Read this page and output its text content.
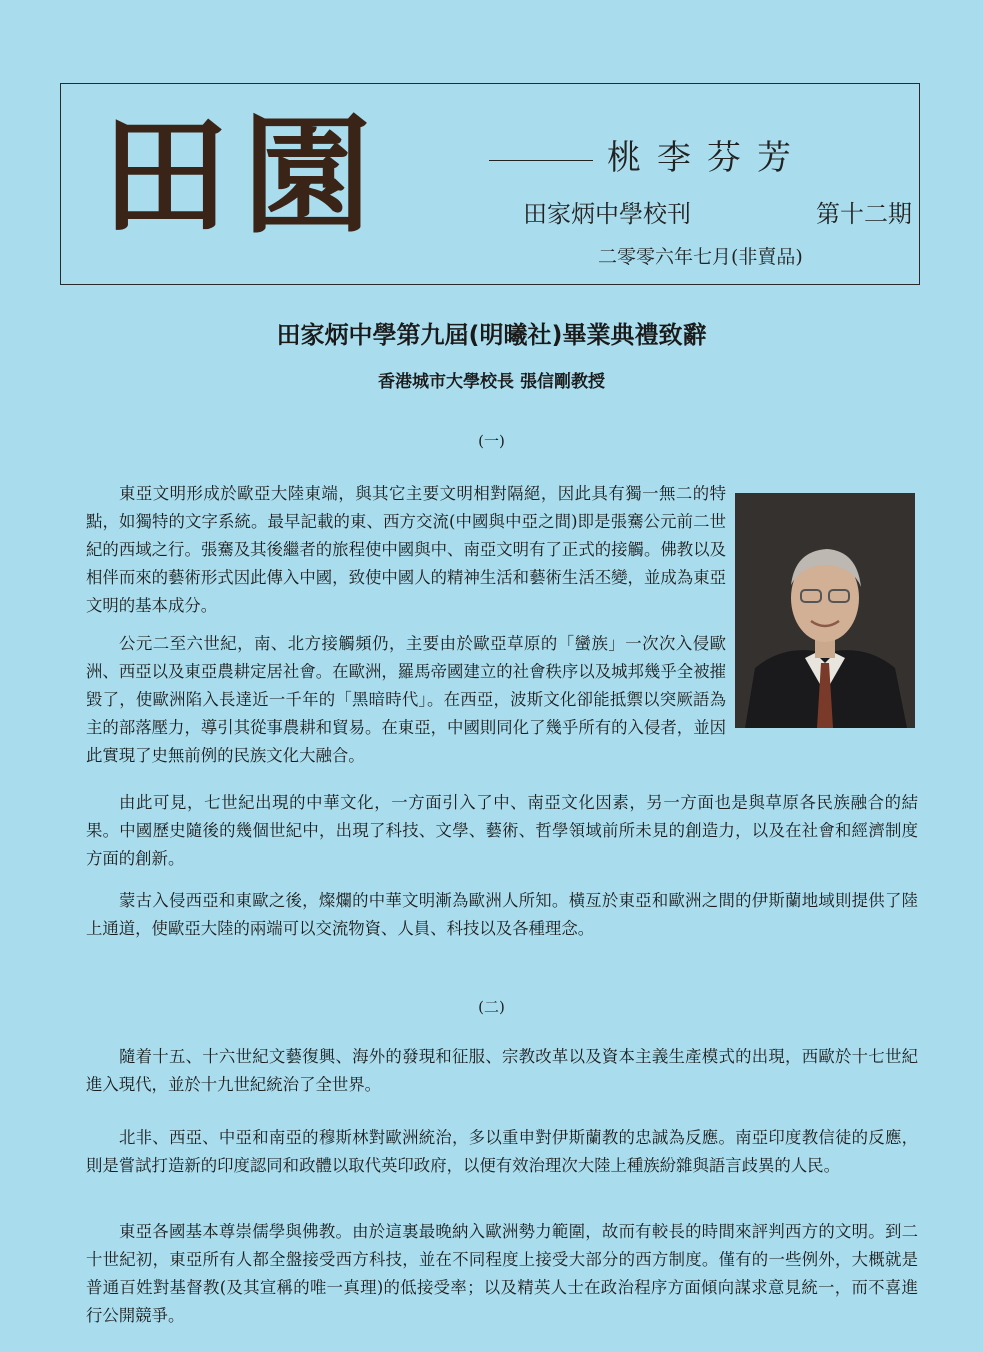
田園	桃李芬芳
田家炳中學校刊	第十二期
二零零六年七月(非賣品)
田家炳中學第九屆(明曦社)畢業典禮致辭
香港城市大學校長 張信剛教授
(一)

東亞文明形成於歐亞大陸東端，與其它主要文明相對隔絕，因此具有獨一無二的特點，如獨特的文字系統。最早記載的東、西方交流(中國與中亞之間)即是張騫公元前二世紀的西域之行。張騫及其後繼者的旅程使中國與中、南亞文明有了正式的接觸。佛教以及相伴而來的藝術形式因此傳入中國，致使中國人的精神生活和藝術生活丕變，並成為東亞文明的基本成分。

公元二至六世紀，南、北方接觸頻仍，主要由於歐亞草原的「蠻族」一次次入侵歐洲、西亞以及東亞農耕定居社會。在歐洲，羅馬帝國建立的社會秩序以及城邦幾乎全被摧毀了，使歐洲陷入長達近一千年的「黑暗時代」。在西亞，波斯文化卻能抵禦以突厥語為主的部落壓力，導引其從事農耕和貿易。在東亞，中國則同化了幾乎所有的入侵者，並因此實現了史無前例的民族文化大融合。

由此可見，七世紀出現的中華文化，一方面引入了中、南亞文化因素，另一方面也是與草原各民族融合的結果。中國歷史隨後的幾個世紀中，出現了科技、文學、藝術、哲學領域前所未見的創造力，以及在社會和經濟制度方面的創新。

蒙古入侵西亞和東歐之後，燦爛的中華文明漸為歐洲人所知。橫亙於東亞和歐洲之間的伊斯蘭地域則提供了陸上通道，使歐亞大陸的兩端可以交流物資、人員、科技以及各種理念。

(二)

隨着十五、十六世紀文藝復興、海外的發現和征服、宗教改革以及資本主義生產模式的出現，西歐於十七世紀進入現代，並於十九世紀統治了全世界。

北非、西亞、中亞和南亞的穆斯林對歐洲統治，多以重申對伊斯蘭教的忠誠為反應。南亞印度教信徒的反應，則是嘗試打造新的印度認同和政體以取代英印政府，以便有效治理次大陸上種族紛雜與語言歧異的人民。

東亞各國基本尊崇儒學與佛教。由於這裏最晚納入歐洲勢力範圍，故而有較長的時間來評判西方的文明。到二十世紀初，東亞所有人都全盤接受西方科技，並在不同程度上接受大部分的西方制度。僅有的一些例外，大概就是普通百姓對基督教(及其宣稱的唯一真理)的低接受率；以及精英人士在政治程序方面傾向謀求意見統一，而不喜進行公開競爭。
